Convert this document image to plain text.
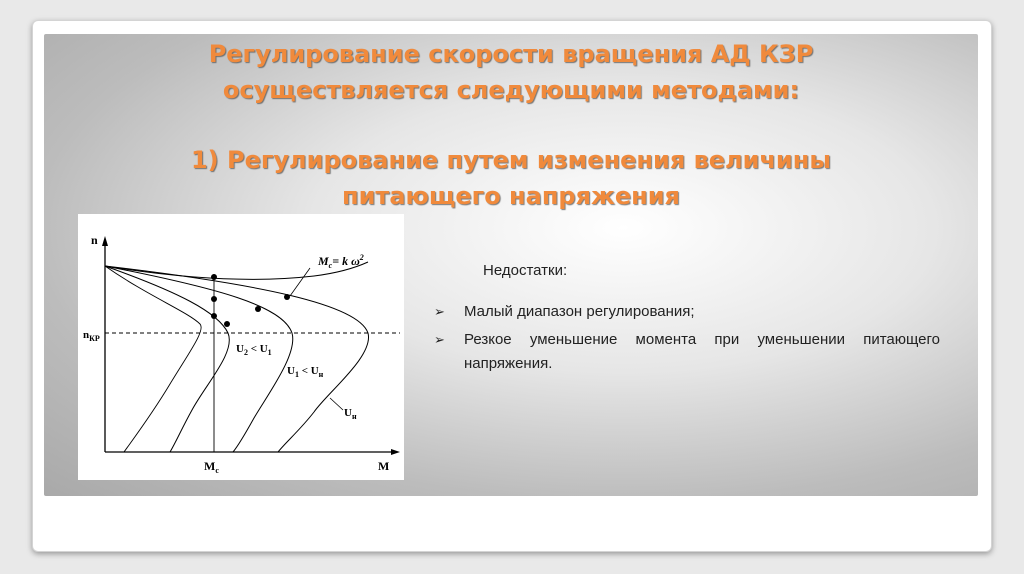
Регулирование скорости вращения АД КЗР
осуществляется следующими методами:
1) Регулирование путем изменения величины
питающего напряжения
n
$n_{КР}$
$M_c$	M
$M_c= k$ $\omega^2$
$U_2 < U_1$
$U_1 < U_н$
$U_н$
Недостатки:
➢ Малый диапазон регулирования;
➢ Резкое уменьшение момента при уменьшении питающего напряжения.
